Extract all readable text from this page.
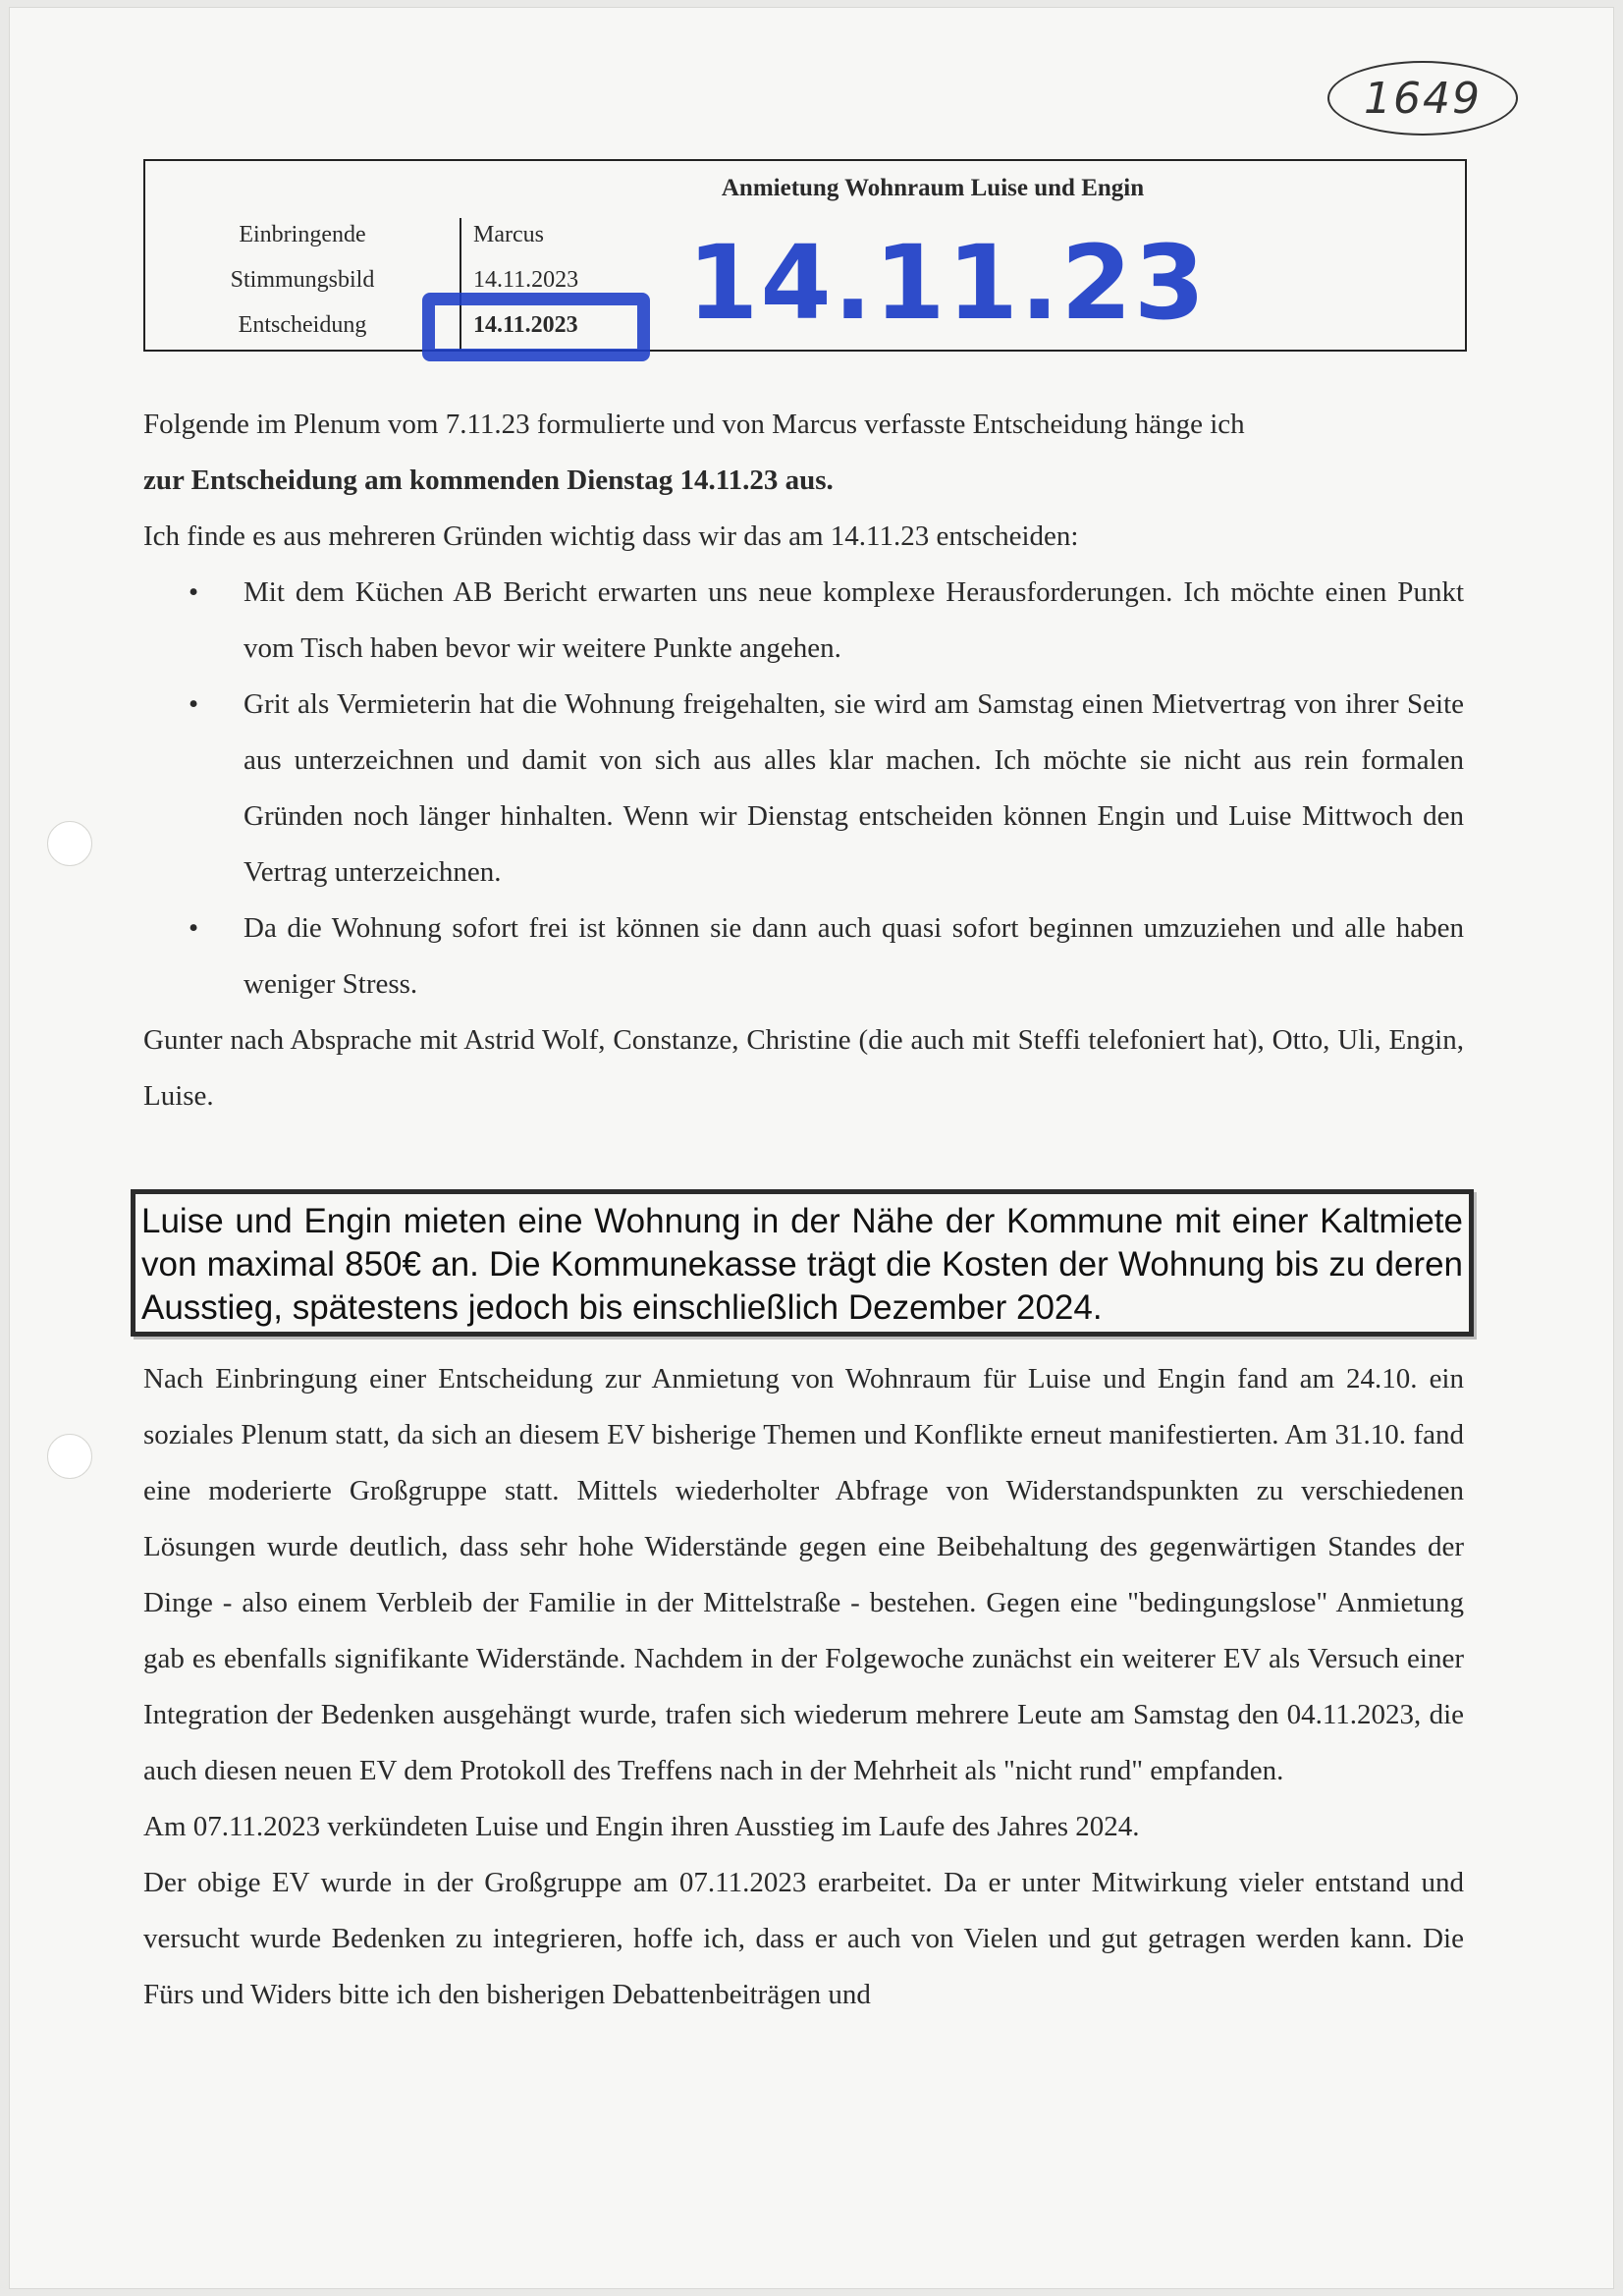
1649
Anmietung Wohnraum Luise und Engin
Einbringende	Marcus
Stimmungsbild	14.11.2023
Entscheidung	14.11.2023 14.11.23

Folgende im Plenum vom 7.11.23 formulierte und von Marcus verfasste Entscheidung hänge ich

zur Entscheidung am kommenden Dienstag 14.11.23 aus.

Ich finde es aus mehreren Gründen wichtig dass wir das am 14.11.23 entscheiden:

• Mit dem Küchen AB Bericht erwarten uns neue komplexe Herausforderungen. Ich möchte einen Punkt vom Tisch haben bevor wir weitere Punkte angehen.
• Grit als Vermieterin hat die Wohnung freigehalten, sie wird am Samstag einen Mietvertrag von ihrer Seite aus unterzeichnen und damit von sich aus alles klar machen. Ich möchte sie nicht aus rein formalen Gründen noch länger hinhalten. Wenn wir Dienstag entscheiden können Engin und Luise Mittwoch den Vertrag unterzeichnen.
• Da die Wohnung sofort frei ist können sie dann auch quasi sofort beginnen umzuziehen und alle haben weniger Stress.

Gunter nach Absprache mit Astrid Wolf, Constanze, Christine (die auch mit Steffi telefoniert hat), Otto, Uli, Engin, Luise.

Luise und Engin mieten eine Wohnung in der Nähe der Kommune mit einer Kaltmiete von maximal 850€ an. Die Kommunekasse trägt die Kosten der Wohnung bis zu deren Ausstieg, spätestens jedoch bis einschließlich Dezember 2024.

Nach Einbringung einer Entscheidung zur Anmietung von Wohnraum für Luise und Engin fand am 24.10. ein soziales Plenum statt, da sich an diesem EV bisherige Themen und Konflikte erneut manifestierten. Am 31.10. fand eine moderierte Großgruppe statt. Mittels wiederholter Abfrage von Widerstandspunkten zu verschiedenen Lösungen wurde deutlich, dass sehr hohe Widerstände gegen eine Beibehaltung des gegenwärtigen Standes der Dinge - also einem Verbleib der Familie in der Mittelstraße - bestehen. Gegen eine "bedingungslose" Anmietung gab es ebenfalls signifikante Widerstände. Nachdem in der Folgewoche zunächst ein weiterer EV als Versuch einer Integration der Bedenken ausgehängt wurde, trafen sich wiederum mehrere Leute am Samstag den 04.11.2023, die auch diesen neuen EV dem Protokoll des Treffens nach in der Mehrheit als "nicht rund" empfanden.

Am 07.11.2023 verkündeten Luise und Engin ihren Ausstieg im Laufe des Jahres 2024.

Der obige EV wurde in der Großgruppe am 07.11.2023 erarbeitet. Da er unter Mitwirkung vieler entstand und versucht wurde Bedenken zu integrieren, hoffe ich, dass er auch von Vielen und gut getragen werden kann. Die Fürs und Widers bitte ich den bisherigen Debattenbeiträgen und
